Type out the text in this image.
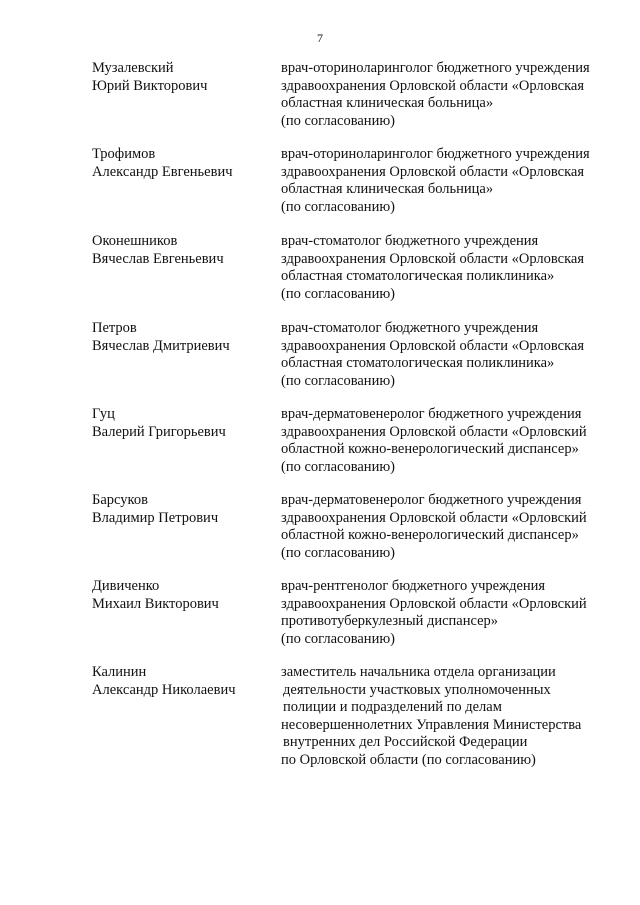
7
Музалевский
Юрий Викторович
врач-оториноларинголог бюджетного учреждения
здравоохранения Орловской области «Орловская
областная клиническая больница»
(по согласованию)
Трофимов
Александр Евгеньевич
врач-оториноларинголог бюджетного учреждения
здравоохранения Орловской области «Орловская
областная клиническая больница»
(по согласованию)
Оконешников
Вячеслав Евгеньевич
врач-стоматолог бюджетного учреждения
здравоохранения Орловской области «Орловская
областная стоматологическая поликлиника»
(по согласованию)
Петров
Вячеслав Дмитриевич
врач-стоматолог бюджетного учреждения
здравоохранения Орловской области «Орловская
областная стоматологическая поликлиника»
(по согласованию)
Гуц
Валерий Григорьевич
врач-дерматовенеролог бюджетного учреждения
здравоохранения Орловской области «Орловский
областной кожно-венерологический диспансер»
(по согласованию)
Барсуков
Владимир Петрович
врач-дерматовенеролог бюджетного учреждения
здравоохранения Орловской области «Орловский
областной кожно-венерологический диспансер»
(по согласованию)
Дивиченко
Михаил Викторович
врач-рентгенолог бюджетного учреждения
здравоохранения Орловской области «Орловский
противотуберкулезный диспансер»
(по согласованию)
Калинин
Александр Николаевич
заместитель начальника отдела организации
деятельности участковых уполномоченных
полиции и подразделений по делам
несовершеннолетних Управления Министерства
внутренних дел Российской Федерации
по Орловской области (по согласованию)
